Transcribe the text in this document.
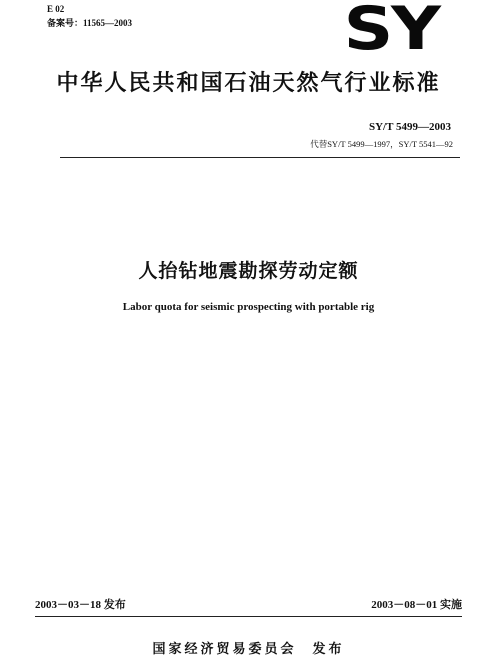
E 02
备案号：11565—2003	SY
中华人民共和国石油天然气行业标准
SY/T 5499—2003
代替SY/T 5499—1997，SY/T 5541—92
人抬钻地震勘探劳动定额
Labor quota for seismic prospecting with portable rig
2003－03－18 发布	2003－08－01 实施
国家经济贸易委员会　发布
